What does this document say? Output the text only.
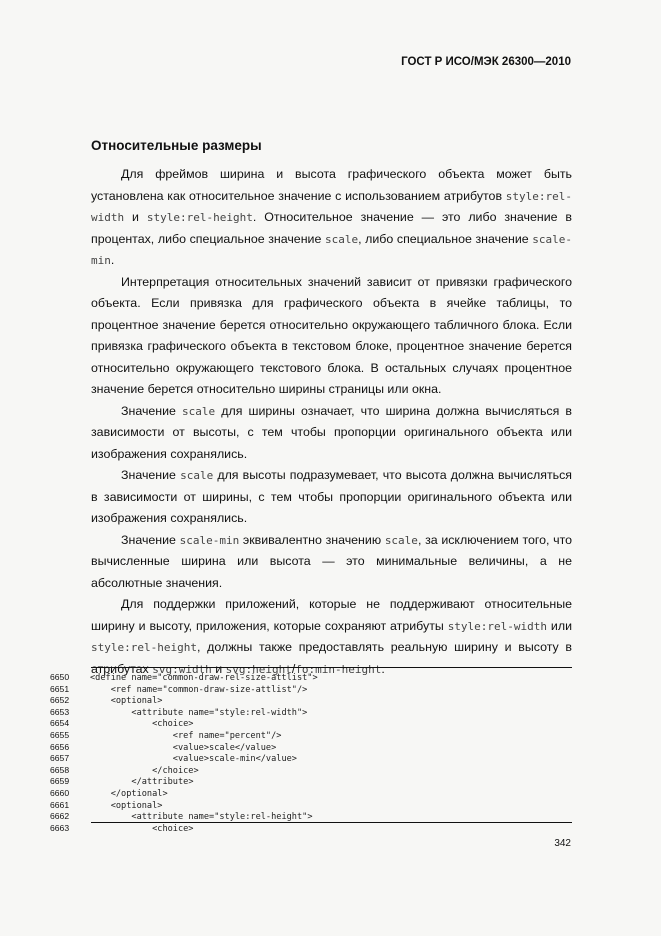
ГОСТ Р ИСО/МЭК 26300—2010
Относительные размеры

Для фреймов ширина и высота графического объекта может быть установлена как относительное значение с использованием атрибутов style:rel-width и style:rel-height. Относительное значение — это либо значение в процентах, либо специальное значение scale, либо специальное значение scale-min.

Интерпретация относительных значений зависит от привязки графического объекта. Если привязка для графического объекта в ячейке таблицы, то процентное значение берется относительно окружающего табличного блока. Если привязка графического объекта в текстовом блоке, процентное значение берется относительно окружающего текстового блока. В остальных случаях процентное значение берется относительно ширины страницы или окна.

Значение scale для ширины означает, что ширина должна вычисляться в зависимости от высоты, с тем чтобы пропорции оригинального объекта или изображения сохранялись.

Значение scale для высоты подразумевает, что высота должна вычисляться в зависимости от ширины, с тем чтобы пропорции оригинального объекта или изображения сохранялись.

Значение scale-min эквивалентно значению scale, за исключением того, что вычисленные ширина или высота — это минимальные величины, а не абсолютные значения.

Для поддержки приложений, которые не поддерживают относительные ширину и высоту, приложения, которые сохраняют атрибуты style:rel-width или style:rel-height, должны также предоставлять реальную ширину и высоту в атрибутах svg:width и svg:height/fo:min-height.

6650 <define name="common-draw-rel-size-attlist">
6651	<ref name="common-draw-size-attlist"/>
6652	<optional>
6653	<attribute name="style:rel-width">
6654	<choice>
6655	<ref name="percent"/>
6656	<value>scale</value>
6657	<value>scale-min</value>
6658	</choice>
6659	</attribute>
6660	</optional>
6661	<optional>
6662	<attribute name="style:rel-height">
6663	<choice>
342
